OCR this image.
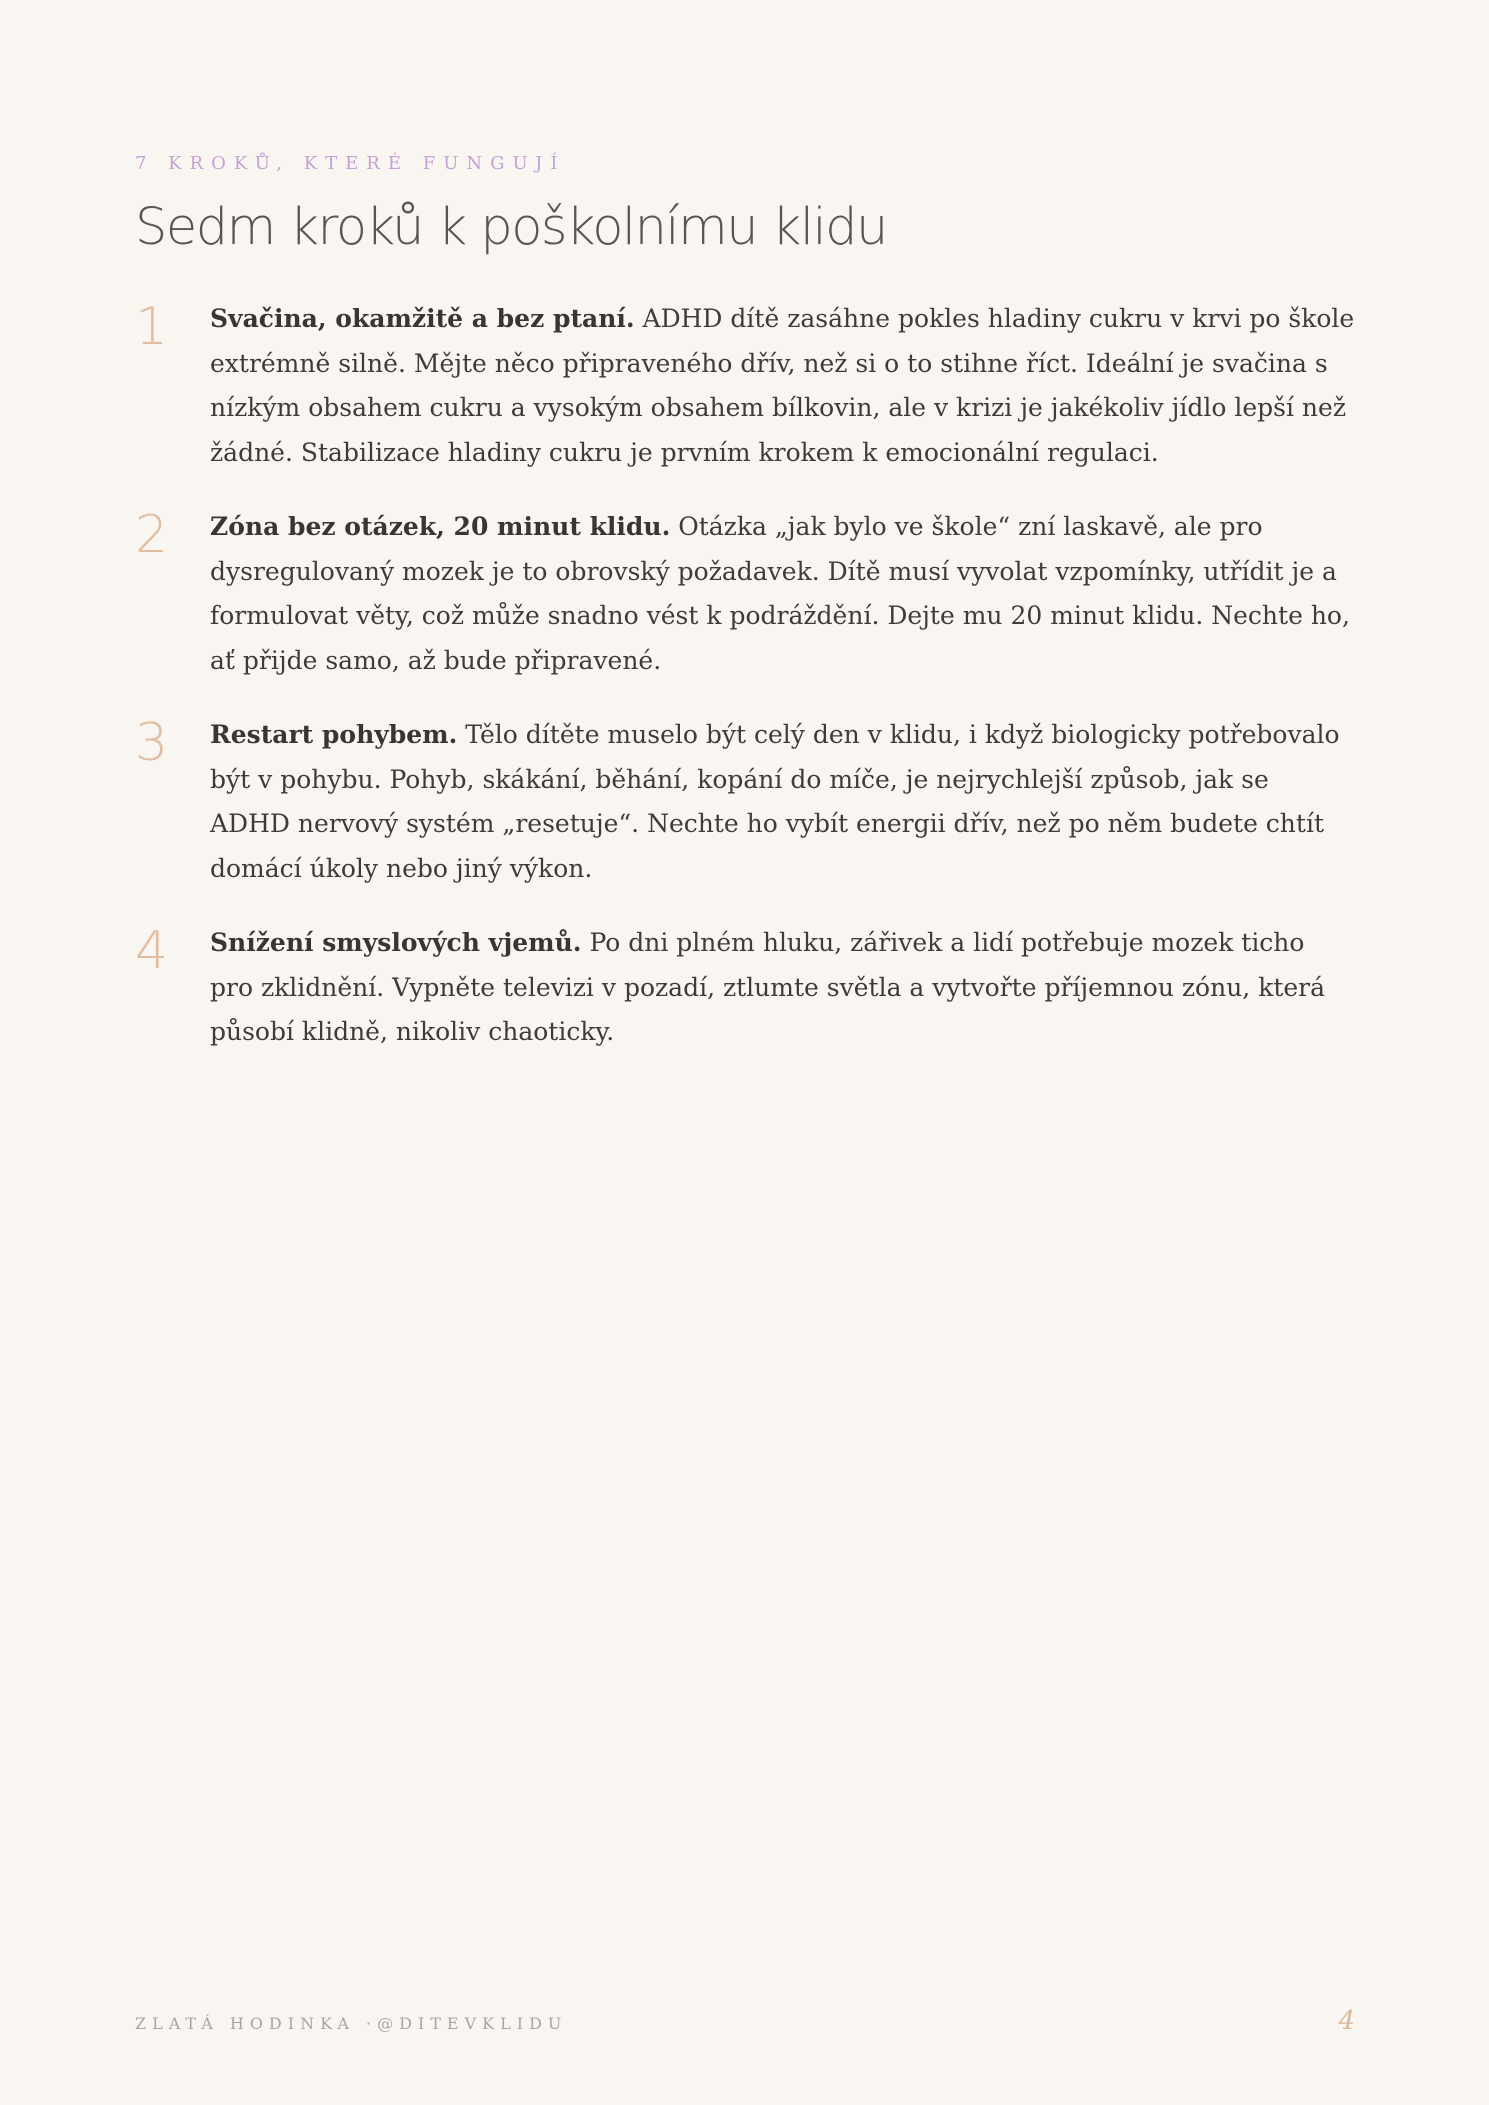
7 KROKŮ, KTERÉ FUNGUJÍ
Sedm kroků k poškolnímu klidu
1 Svačina, okamžitě a bez ptaní. ADHD dítě zasáhne pokles hladiny cukru v krvi po škole extrémně silně. Mějte něco připraveného dřív, než si o to stihne říct. Ideální je svačina s nízkým obsahem cukru a vysokým obsahem bílkovin, ale v krizi je jakékoliv jídlo lepší než žádné. Stabilizace hladiny cukru je prvním krokem k emocionální regulaci.
2 Zóna bez otázek, 20 minut klidu. Otázka „jak bylo ve škole“ zní laskavě, ale pro dysregulovaný mozek je to obrovský požadavek. Dítě musí vyvolat vzpomínky, utřídit je a formulovat věty, což může snadno vést k podráždění. Dejte mu 20 minut klidu. Nechte ho, ať přijde samo, až bude připravené.
3 Restart pohybem. Tělo dítěte muselo být celý den v klidu, i když biologicky potřebovalo být v pohybu. Pohyb, skákání, běhání, kopání do míče, je nejrychlejší způsob, jak se ADHD nervový systém „resetuje“. Nechte ho vybít energii dřív, než po něm budete chtít domácí úkoly nebo jiný výkon.
4 Snížení smyslových vjemů. Po dni plném hluku, zářivek a lidí potřebuje mozek ticho pro zklidnění. Vypněte televizi v pozadí, ztlumte světla a vytvořte příjemnou zónu, která působí klidně, nikoliv chaoticky.
ZLATÁ HODINKA ·@DITEVKLIDU	4
